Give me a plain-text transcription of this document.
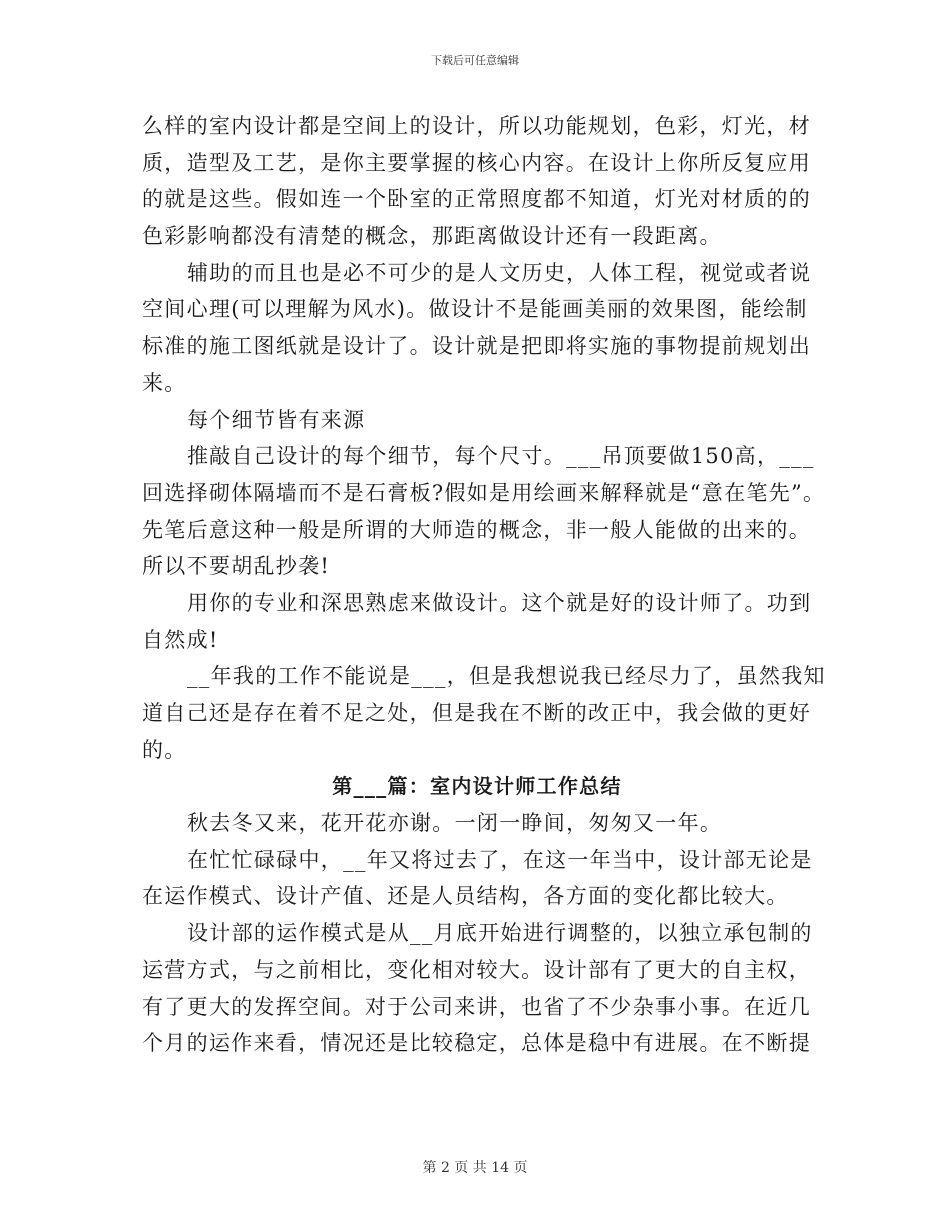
下载后可任意编辑
么样的室内设计都是空间上的设计，所以功能规划，色彩，灯光，材
质，造型及工艺，是你主要掌握的核心内容。在设计上你所反复应用
的就是这些。假如连一个卧室的正常照度都不知道，灯光对材质的的
色彩影响都没有清楚的概念，那距离做设计还有一段距离。
辅助的而且也是必不可少的是人文历史，人体工程，视觉或者说
空间心理(可以理解为风水)。做设计不是能画美丽的效果图，能绘制
标准的施工图纸就是设计了。设计就是把即将实施的事物提前规划出
来。
每个细节皆有来源
推敲自己设计的每个细节，每个尺寸。___吊顶要做150高，___
回选择砌体隔墙而不是石膏板?假如是用绘画来解释就是“意在笔先”。
先笔后意这种一般是所谓的大师造的概念，非一般人能做的出来的。
所以不要胡乱抄袭!
用你的专业和深思熟虑来做设计。这个就是好的设计师了。功到
自然成!
__年我的工作不能说是___，但是我想说我已经尽力了，虽然我知
道自己还是存在着不足之处，但是我在不断的改正中，我会做的更好
的。
第___篇：室内设计师工作总结
秋去冬又来，花开花亦谢。一闭一睁间，匆匆又一年。
在忙忙碌碌中，__年又将过去了，在这一年当中，设计部无论是
在运作模式、设计产值、还是人员结构，各方面的变化都比较大。
设计部的运作模式是从__月底开始进行调整的，以独立承包制的
运营方式，与之前相比，变化相对较大。设计部有了更大的自主权，
有了更大的发挥空间。对于公司来讲，也省了不少杂事小事。在近几
个月的运作来看，情况还是比较稳定，总体是稳中有进展。在不断提
第 2 页 共 14 页
